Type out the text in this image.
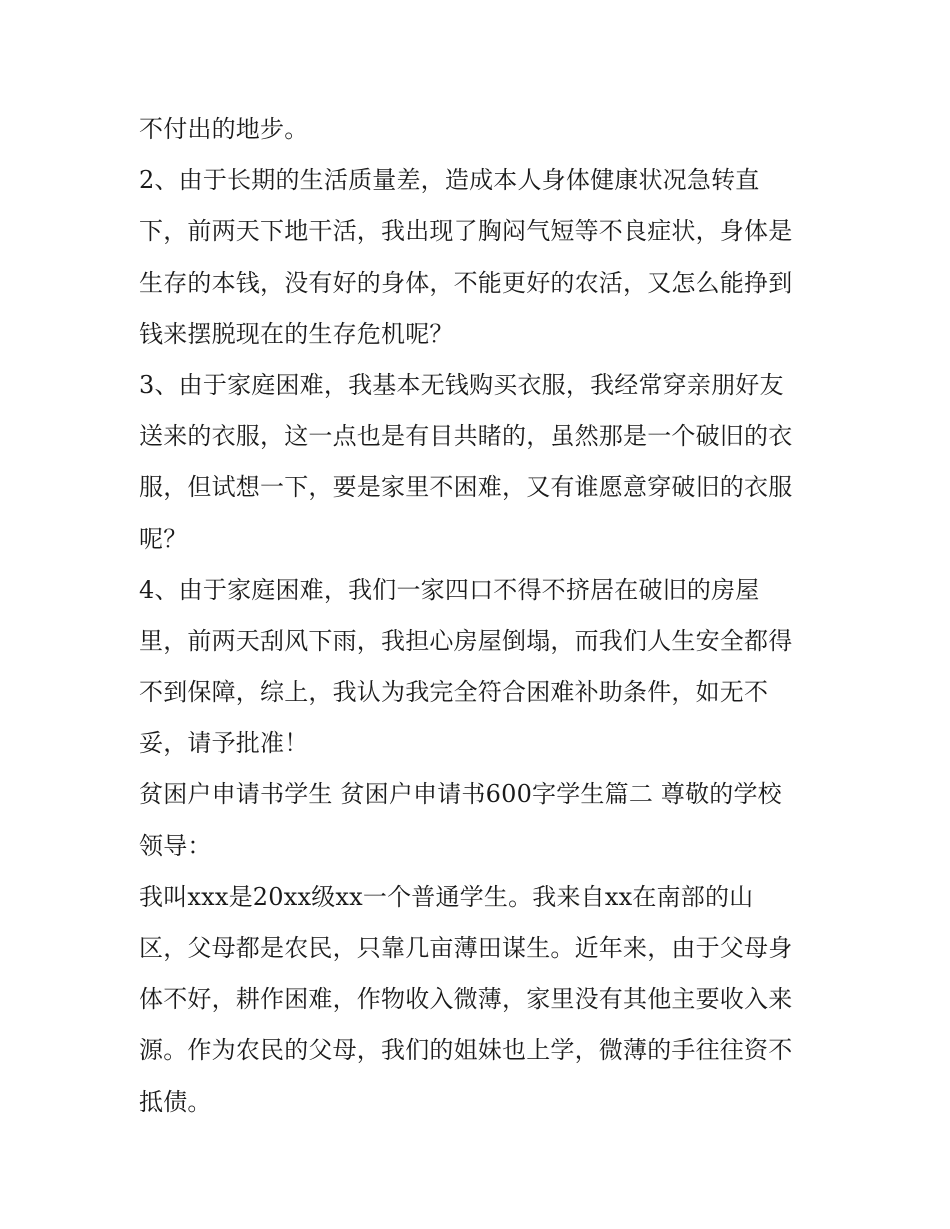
不付出的地步。
2、由于长期的生活质量差，造成本人身体健康状况急转直
下，前两天下地干活，我出现了胸闷气短等不良症状，身体是
生存的本钱，没有好的身体，不能更好的农活，又怎么能挣到
钱来摆脱现在的生存危机呢？
3、由于家庭困难，我基本无钱购买衣服，我经常穿亲朋好友
送来的衣服，这一点也是有目共睹的，虽然那是一个破旧的衣
服，但试想一下，要是家里不困难，又有谁愿意穿破旧的衣服
呢？
4、由于家庭困难，我们一家四口不得不挤居在破旧的房屋
里，前两天刮风下雨，我担心房屋倒塌，而我们人生安全都得
不到保障，综上，我认为我完全符合困难补助条件，如无不
妥，请予批准！
贫困户申请书学生 贫困户申请书600字学生篇二 尊敬的学校
领导：
我叫xxx是20xx级xx一个普通学生。我来自xx在南部的山
区，父母都是农民，只靠几亩薄田谋生。近年来，由于父母身
体不好，耕作困难，作物收入微薄，家里没有其他主要收入来
源。作为农民的父母，我们的姐妹也上学，微薄的手往往资不
抵债。
